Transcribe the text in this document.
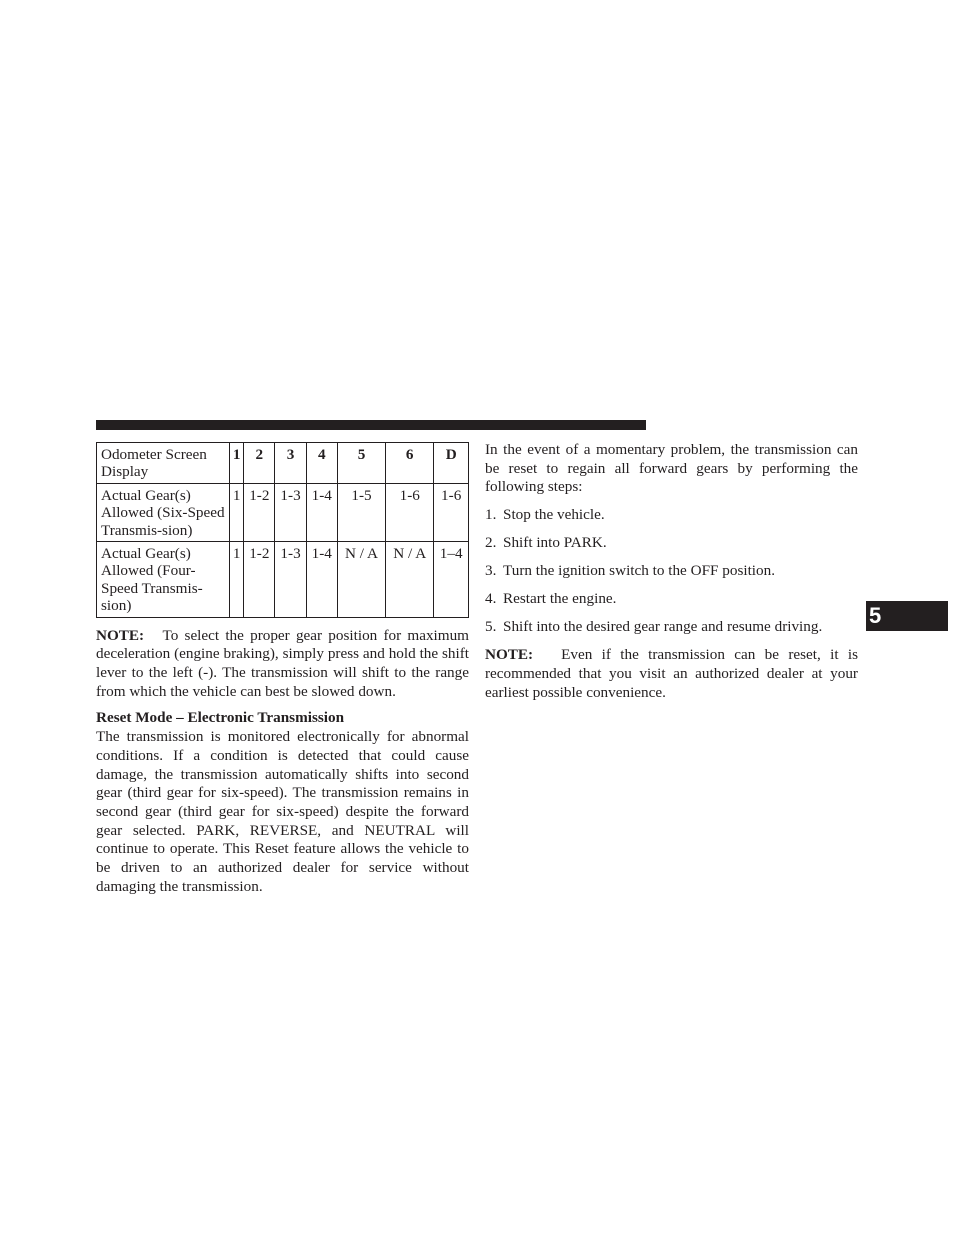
Odometer Screen Display	1	2	3	4	5	6	D
Actual Gear(s) Allowed (Six-Speed Transmis-sion)	1	1-2	1-3	1-4	1-5	1-6	1-6
Actual Gear(s) Allowed (Four-Speed Transmis-sion)	1	1-2	1-3	1-4	N / A	N / A	1–4

NOTE: To select the proper gear position for maximum deceleration (engine braking), simply press and hold the shift lever to the left (-). The transmission will shift to the range from which the vehicle can best be slowed down.

Reset Mode – Electronic Transmission

The transmission is monitored electronically for abnormal conditions. If a condition is detected that could cause damage, the transmission automatically shifts into second gear (third gear for six-speed). The transmission remains in second gear (third gear for six-speed) despite the forward gear selected. PARK, REVERSE, and NEUTRAL will continue to operate. This Reset feature allows the vehicle to be driven to an authorized dealer for service without damaging the transmission.

In the event of a momentary problem, the transmission can be reset to regain all forward gears by performing the following steps:

1. Stop the vehicle.
2. Shift into PARK.
3. Turn the ignition switch to the OFF position.
4. Restart the engine.
5. Shift into the desired gear range and resume driving.

NOTE: Even if the transmission can be reset, it is recommended that you visit an authorized dealer at your earliest possible convenience.

5
